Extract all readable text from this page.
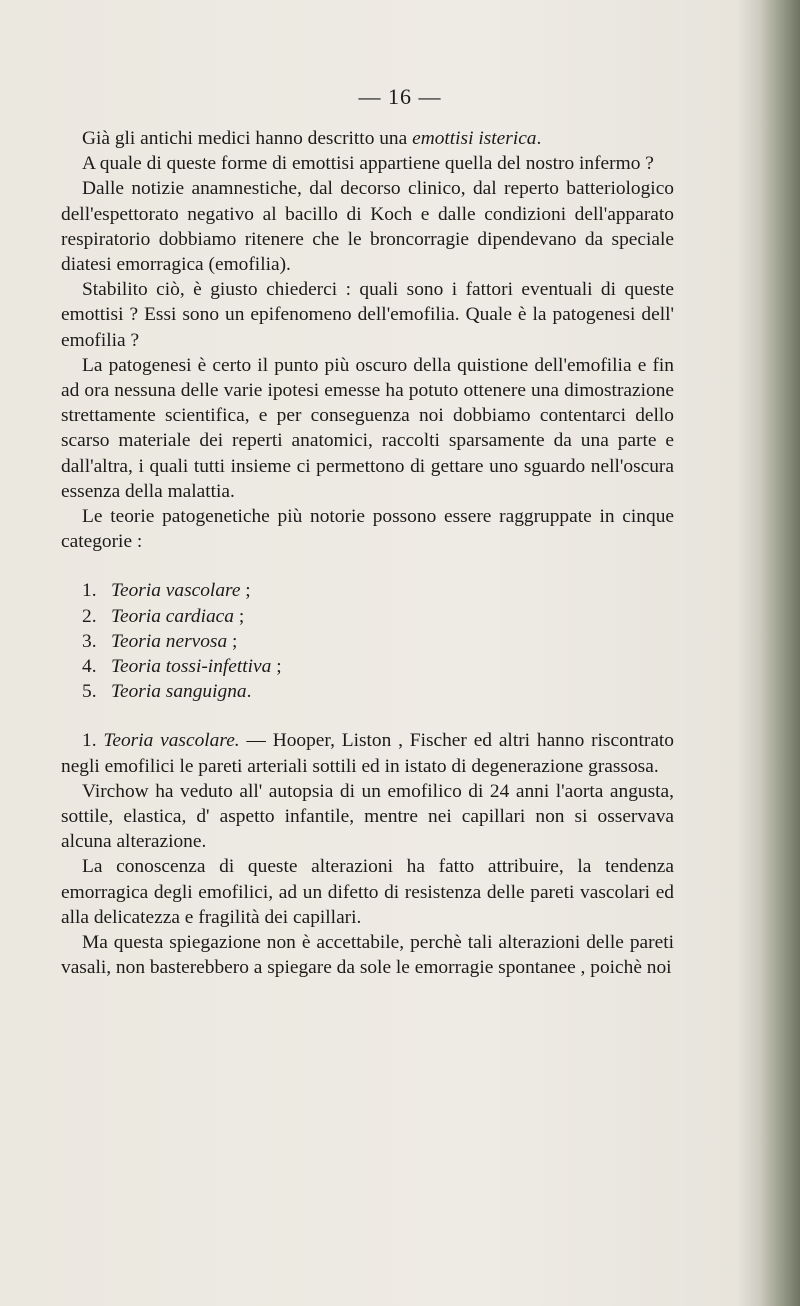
— 16 —

Già gli antichi medici hanno descritto una emottisi isterica.

A quale di queste forme di emottisi appartiene quella del nostro infermo ?

Dalle notizie anamnestiche, dal decorso clinico, dal reperto batteriologico dell'espettorato negativo al bacillo di Koch e dalle condizioni dell'apparato respiratorio dobbiamo ritenere che le broncorragie dipendevano da speciale diatesi emorragica (emofilia).

Stabilito ciò, è giusto chiederci : quali sono i fattori eventuali di queste emottisi ? Essi sono un epifenomeno dell'emofilia. Quale è la patogenesi dell' emofilia ?

La patogenesi è certo il punto più oscuro della quistione dell'emofilia e fin ad ora nessuna delle varie ipotesi emesse ha potuto ottenere una dimostrazione strettamente scientifica, e per conseguenza noi dobbiamo contentarci dello scarso materiale dei reperti anatomici, raccolti sparsamente da una parte e dall'altra, i quali tutti insieme ci permettono di gettare uno sguardo nell'oscura essenza della malattia.

Le teorie patogenetiche più notorie possono essere raggruppate in cinque categorie :

1. Teoria vascolare ;
2. Teoria cardiaca ;
3. Teoria nervosa ;
4. Teoria tossi-infettiva ;
5. Teoria sanguigna.

1. Teoria vascolare. — Hooper, Liston , Fischer ed altri hanno riscontrato negli emofilici le pareti arteriali sottili ed in istato di degenerazione grassosa.

Virchow ha veduto all' autopsia di un emofilico di 24 anni l'aorta angusta, sottile, elastica, d' aspetto infantile, mentre nei capillari non si osservava alcuna alterazione.

La conoscenza di queste alterazioni ha fatto attribuire, la tendenza emorragica degli emofilici, ad un difetto di resistenza delle pareti vascolari ed alla delicatezza e fragilità dei capillari.

Ma questa spiegazione non è accettabile, perchè tali alterazioni delle pareti vasali, non basterebbero a spiegare da sole le emorragie spontanee , poichè noi
